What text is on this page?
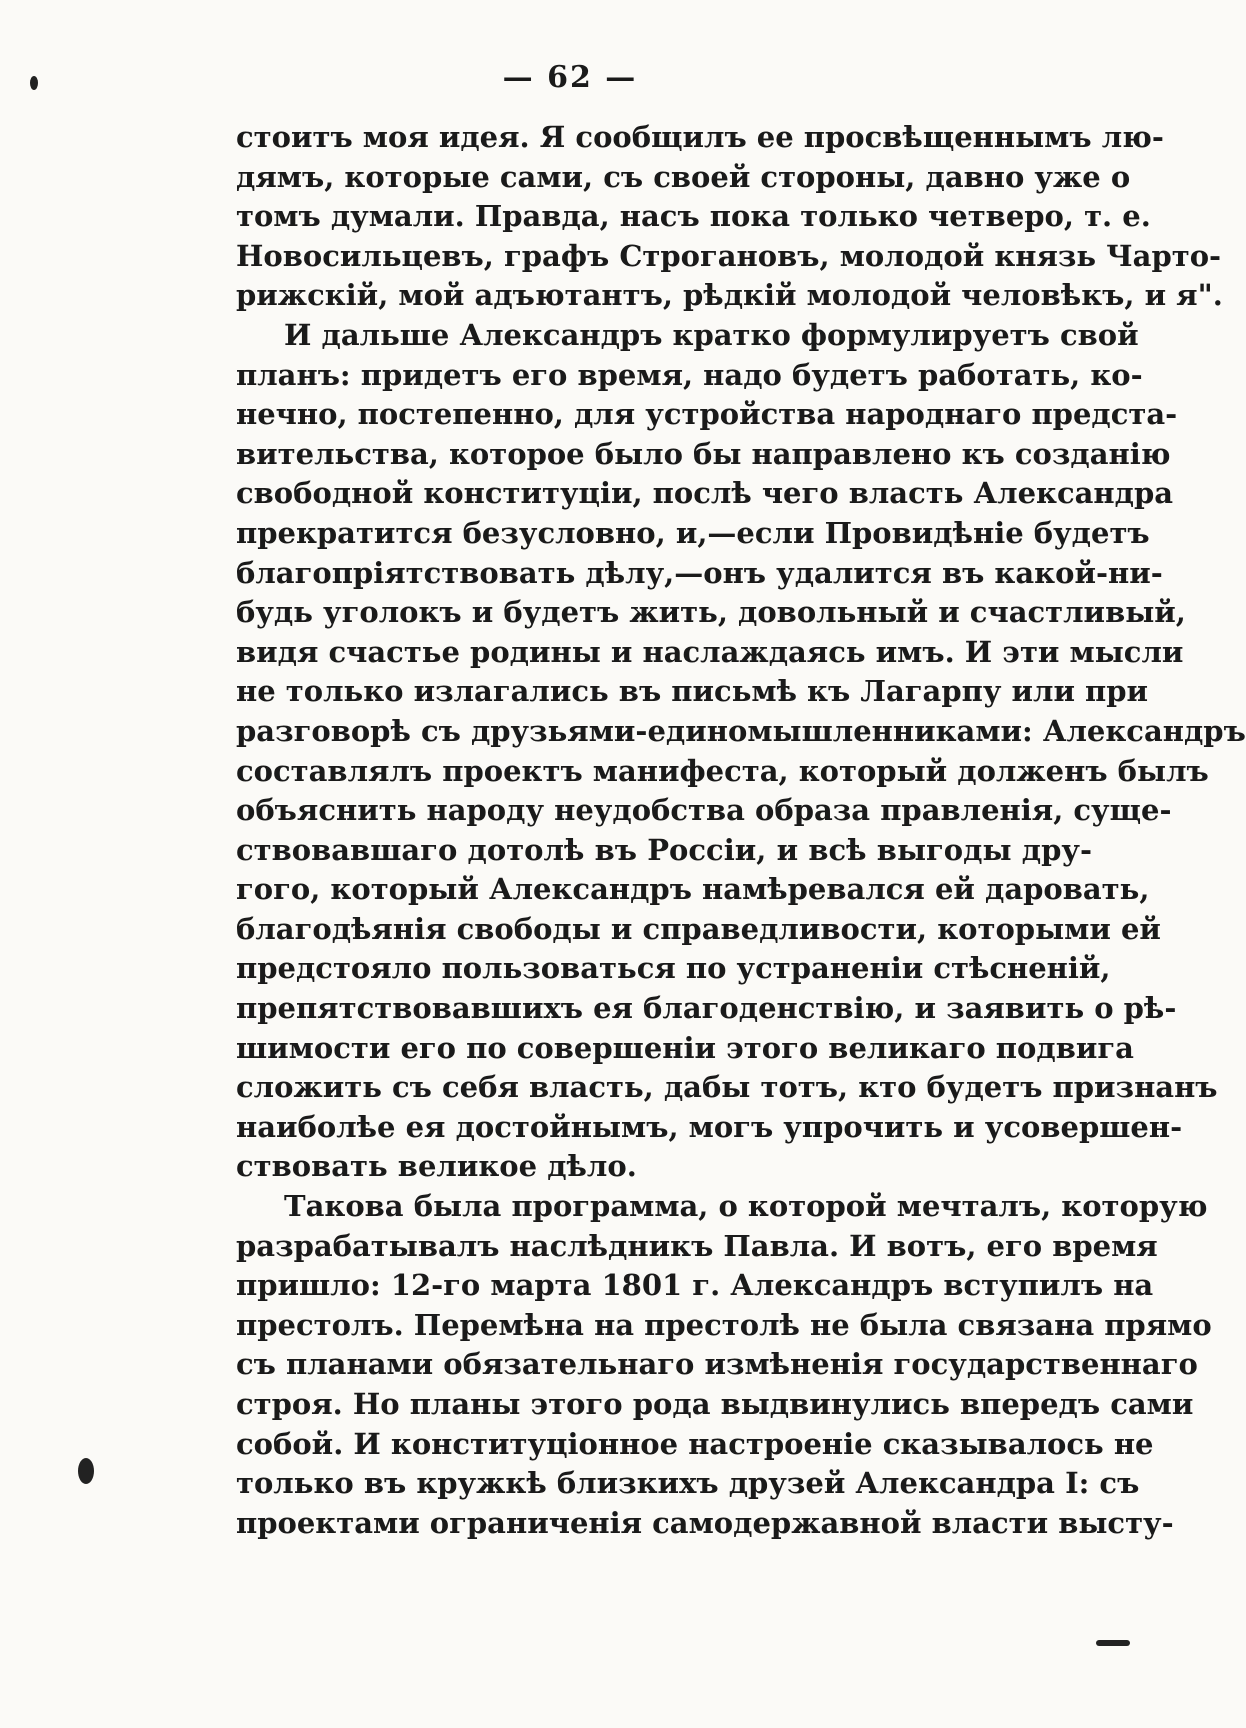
— 62 —
стоитъ моя идея. Я сообщилъ ее просвѣщеннымъ лю-
дямъ, которые сами, съ своей стороны, давно уже о
томъ думали. Правда, насъ пока только четверо, т. е.
Новосильцевъ, графъ Строгановъ, молодой князь Чарто-
рижскій, мой адъютантъ, рѣдкій молодой человѣкъ, и я".
И дальше Александръ кратко формулируетъ свой
планъ: придетъ его время, надо будетъ работать, ко-
нечно, постепенно, для устройства народнаго предста-
вительства, которое было бы направлено къ созданію
свободной конституціи, послѣ чего власть Александра
прекратится безусловно, и,—если Провидѣніе будетъ
благопріятствовать дѣлу,—онъ удалится въ какой-ни-
будь уголокъ и будетъ жить, довольный и счастливый,
видя счастье родины и наслаждаясь имъ. И эти мысли
не только излагались въ письмѣ къ Лагарпу или при
разговорѣ съ друзьями-единомышленниками: Александръ
составлялъ проектъ манифеста, который долженъ былъ
объяснить народу неудобства образа правленія, суще-
ствовавшаго дотолѣ въ Россіи, и всѣ выгоды дру-
гого, который Александръ намѣревался ей даровать,
благодѣянія свободы и справедливости, которыми ей
предстояло пользоваться по устраненіи стѣсненій,
препятствовавшихъ ея благоденствію, и заявить о рѣ-
шимости его по совершеніи этого великаго подвига
сложить съ себя власть, дабы тотъ, кто будетъ признанъ
наиболѣе ея достойнымъ, могъ упрочить и усовершен-
ствовать великое дѣло.
Такова была программа, о которой мечталъ, которую
разрабатывалъ наслѣдникъ Павла. И вотъ, его время
пришло: 12-го марта 1801 г. Александръ вступилъ на
престолъ. Перемѣна на престолѣ не была связана прямо
съ планами обязательнаго измѣненія государственнаго
строя. Но планы этого рода выдвинулись впередъ сами
собой. И конституціонное настроеніе сказывалось не
только въ кружкѣ близкихъ друзей Александра I: съ
проектами ограниченія самодержавной власти высту-
